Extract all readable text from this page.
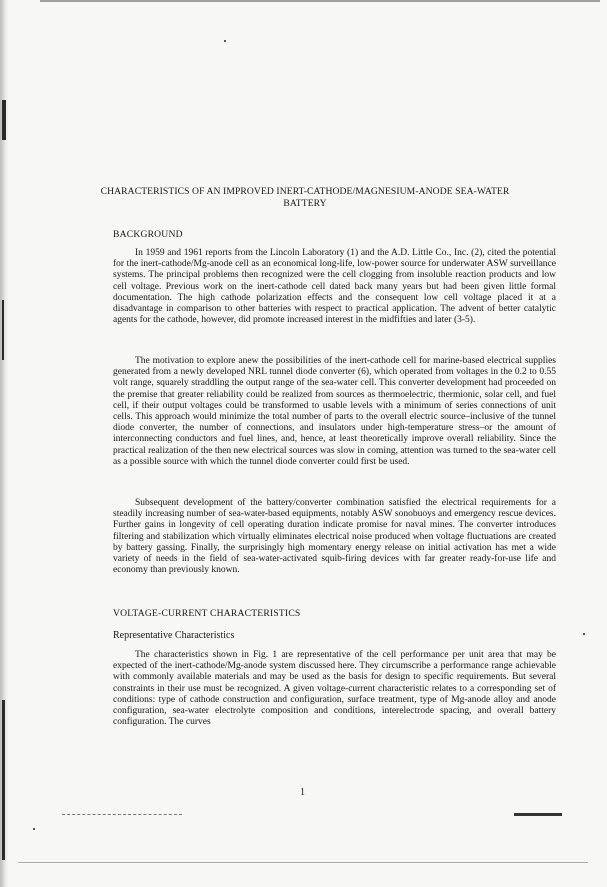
CHARACTERISTICS OF AN IMPROVED INERT-CATHODE/MAGNESIUM-ANODE SEA-WATER BATTERY
BACKGROUND

In 1959 and 1961 reports from the Lincoln Laboratory (1) and the A.D. Little Co., Inc. (2), cited the potential for the inert-cathode/Mg-anode cell as an economical long-life, low-power source for underwater ASW surveillance systems. The principal problems then recognized were the cell clogging from insoluble reaction products and low cell voltage. Previous work on the inert-cathode cell dated back many years but had been given little formal documentation. The high cathode polarization effects and the consequent low cell voltage placed it at a disadvantage in comparison to other batteries with respect to practical application. The advent of better catalytic agents for the cathode, however, did promote increased interest in the midfifties and later (3-5).

The motivation to explore anew the possibilities of the inert-cathode cell for marine-based electrical supplies generated from a newly developed NRL tunnel diode converter (6), which operated from voltages in the 0.2 to 0.55 volt range, squarely straddling the output range of the sea-water cell. This converter development had proceeded on the premise that greater reliability could be realized from sources as thermoelectric, thermionic, solar cell, and fuel cell, if their output voltages could be transformed to usable levels with a minimum of series connections of unit cells. This approach would minimize the total number of parts to the overall electric source–inclusive of the tunnel diode converter, the number of connections, and insulators under high-temperature stress–or the amount of interconnecting conductors and fuel lines, and, hence, at least theoretically improve overall reliability. Since the practical realization of the then new electrical sources was slow in coming, attention was turned to the sea-water cell as a possible source with which the tunnel diode converter could first be used.

Subsequent development of the battery/converter combination satisfied the electrical requirements for a steadily increasing number of sea-water-based equipments, notably ASW sonobuoys and emergency rescue devices. Further gains in longevity of cell operating duration indicate promise for naval mines. The converter introduces filtering and stabilization which virtually eliminates electrical noise produced when voltage fluctuations are created by battery gassing. Finally, the surprisingly high momentary energy release on initial activation has met a wide variety of needs in the field of sea-water-activated squib-firing devices with far greater ready-for-use life and economy than previously known.

VOLTAGE-CURRENT CHARACTERISTICS
Representative Characteristics

The characteristics shown in Fig. 1 are representative of the cell performance per unit area that may be expected of the inert-cathode/Mg-anode system discussed here. They circumscribe a performance range achievable with commonly available materials and may be used as the basis for design to specific requirements. But several constraints in their use must be recognized. A given voltage-current characteristic relates to a corresponding set of conditions: type of cathode construction and configuration, surface treatment, type of Mg-anode alloy and anode configuration, sea-water electrolyte composition and conditions, interelectrode spacing, and overall battery configuration. The curves

1
